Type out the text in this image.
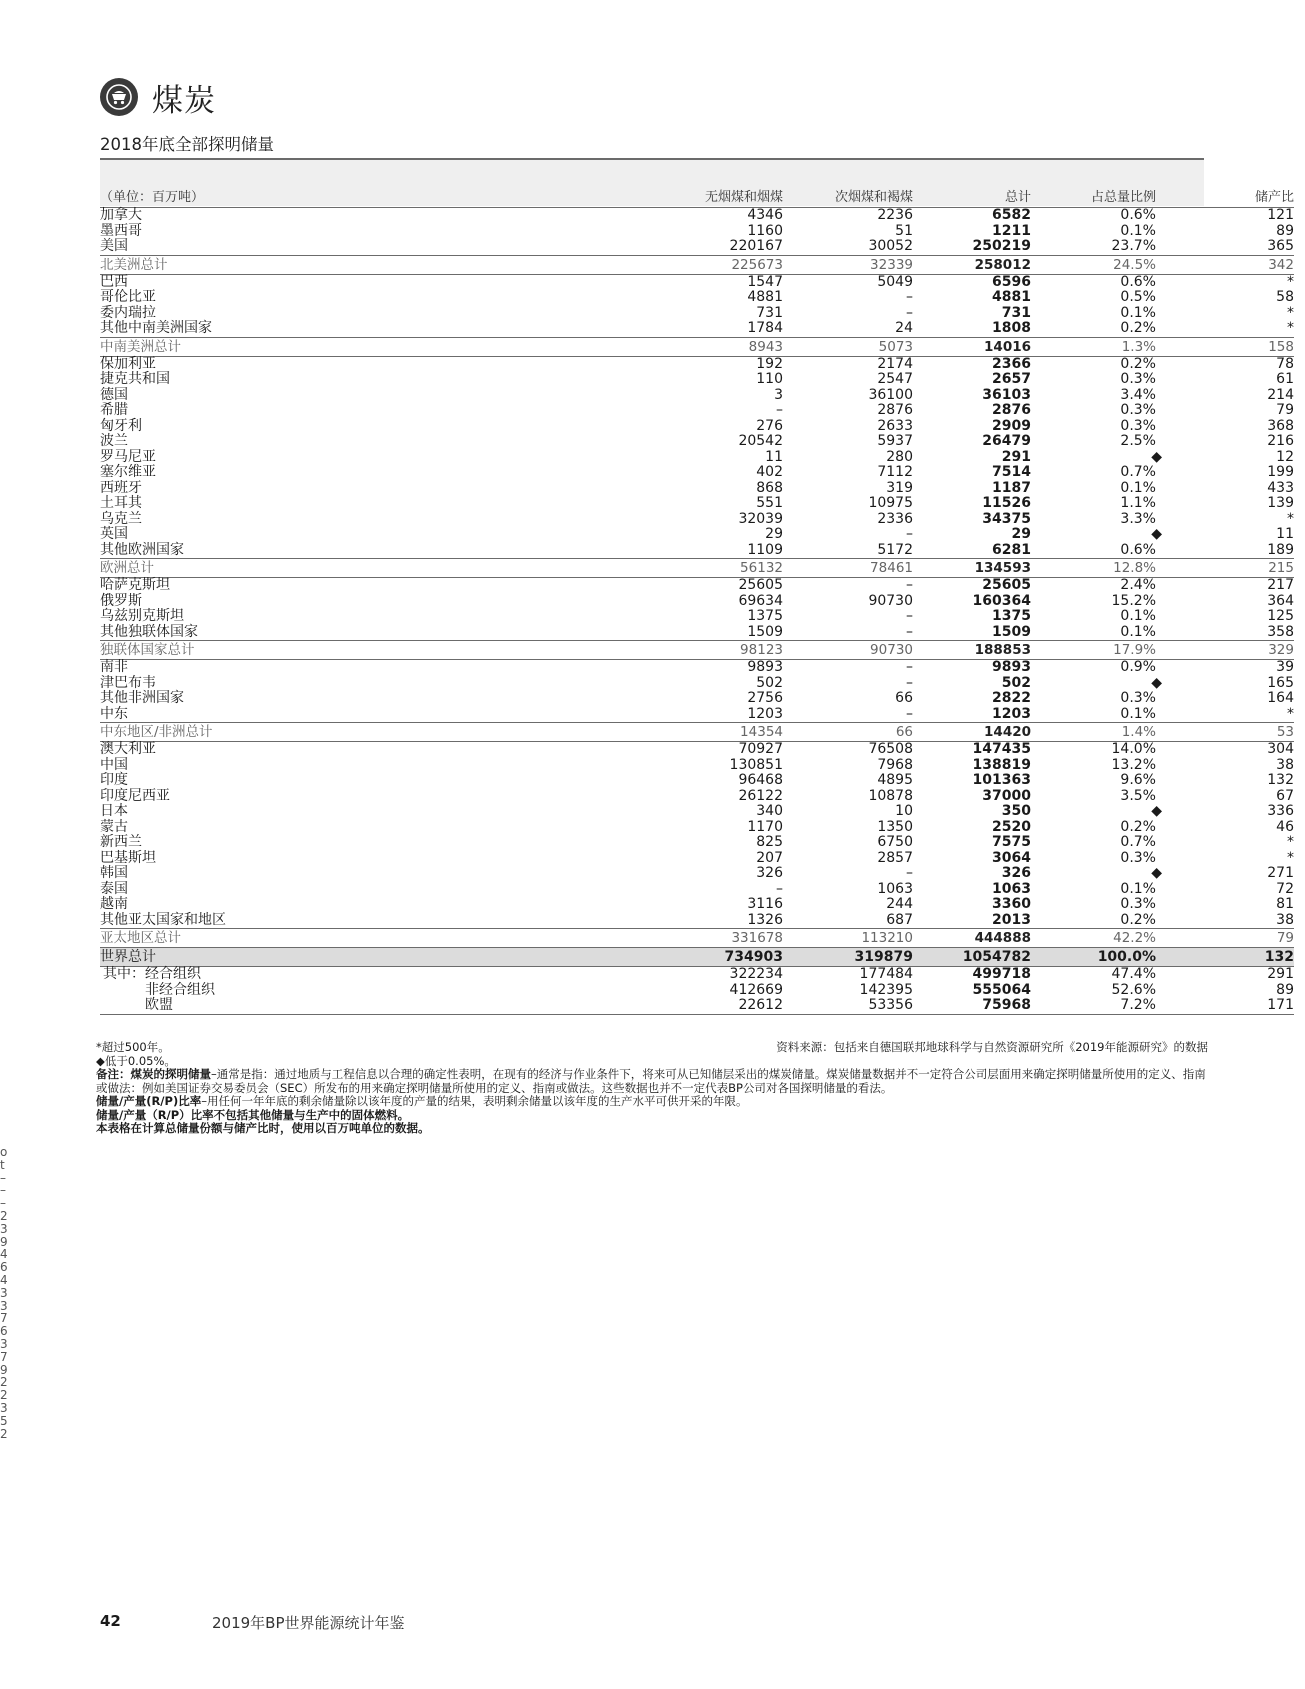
煤炭
2018年底全部探明储量
（单位：百万吨）	无烟煤和烟煤	次烟煤和褐煤	总计	占总量比例	储产比
加拿大	4346	2236	6582	0.6%	121
墨西哥	1160	51	1211	0.1%	89
美国	220167	30052	250219	23.7%	365
北美洲总计	225673	32339	258012	24.5%	342
巴西	1547	5049	6596	0.6%	*
哥伦比亚	4881	–	4881	0.5%	58
委内瑞拉	731	–	731	0.1%	*
其他中南美洲国家	1784	24	1808	0.2%	*
中南美洲总计	8943	5073	14016	1.3%	158
保加利亚	192	2174	2366	0.2%	78
捷克共和国	110	2547	2657	0.3%	61
德国	3	36100	36103	3.4%	214
希腊	–	2876	2876	0.3%	79
匈牙利	276	2633	2909	0.3%	368
波兰	20542	5937	26479	2.5%	216
罗马尼亚	11	280	291	◆	12
塞尔维亚	402	7112	7514	0.7%	199
西班牙	868	319	1187	0.1%	433
土耳其	551	10975	11526	1.1%	139
乌克兰	32039	2336	34375	3.3%	*
英国	29	–	29	◆	11
其他欧洲国家	1109	5172	6281	0.6%	189
欧洲总计	56132	78461	134593	12.8%	215
哈萨克斯坦	25605	–	25605	2.4%	217
俄罗斯	69634	90730	160364	15.2%	364
乌兹别克斯坦	1375	–	1375	0.1%	125
其他独联体国家	1509	–	1509	0.1%	358
独联体国家总计	98123	90730	188853	17.9%	329
南非	9893	–	9893	0.9%	39
津巴布韦	502	–	502	◆	165
其他非洲国家	2756	66	2822	0.3%	164
中东	1203	–	1203	0.1%	*
中东地区/非洲总计	14354	66	14420	1.4%	53
澳大利亚	70927	76508	147435	14.0%	304
中国	130851	7968	138819	13.2%	38
印度	96468	4895	101363	9.6%	132
印度尼西亚	26122	10878	37000	3.5%	67
日本	340	10	350	◆	336
蒙古	1170	1350	2520	0.2%	46
新西兰	825	6750	7575	0.7%	*
巴基斯坦	207	2857	3064	0.3%	*
韩国	326	–	326	◆	271
泰国	–	1063	1063	0.1%	72
越南	3116	244	3360	0.3%	81
其他亚太国家和地区	1326	687	2013	0.2%	38
亚太地区总计	331678	113210	444888	42.2%	79
世界总计	734903	319879	1054782	100.0%	132
其中：经合组织	322234	177484	499718	47.4%	291
非经合组织	412669	142395	555064	52.6%	89
欧盟	22612	53356	75968	7.2%	171
*超过500年。	资料来源：包括来自德国联邦地球科学与自然资源研究所《2019年能源研究》的数据
◆低于0.05%。
备注：煤炭的探明储量–通常是指：通过地质与工程信息以合理的确定性表明，在现有的经济与作业条件下，将来可从已知储层采出的煤炭储量。煤炭储量数据并不一定符合公司层面用来确定探明储量所使用的定义、指南或做法：例如美国证券交易委员会（SEC）所发布的用来确定探明储量所使用的定义、指南或做法。这些数据也并不一定代表BP公司对各国探明储量的看法。
储量/产量(R/P)比率–用任何一年年底的剩余储量除以该年度的产量的结果，表明剩余储量以该年度的生产水平可供开采的年限。
储量/产量（R/P）比率不包括其他储量与生产中的固体燃料。
本表格在计算总储量份额与储产比时，使用以百万吨单位的数据。
o
t
–
–
–
2
3
9
4
6
4
3
3
7
6
3
7
9
2
2
3
5
2
42	2019年BP世界能源统计年鉴
